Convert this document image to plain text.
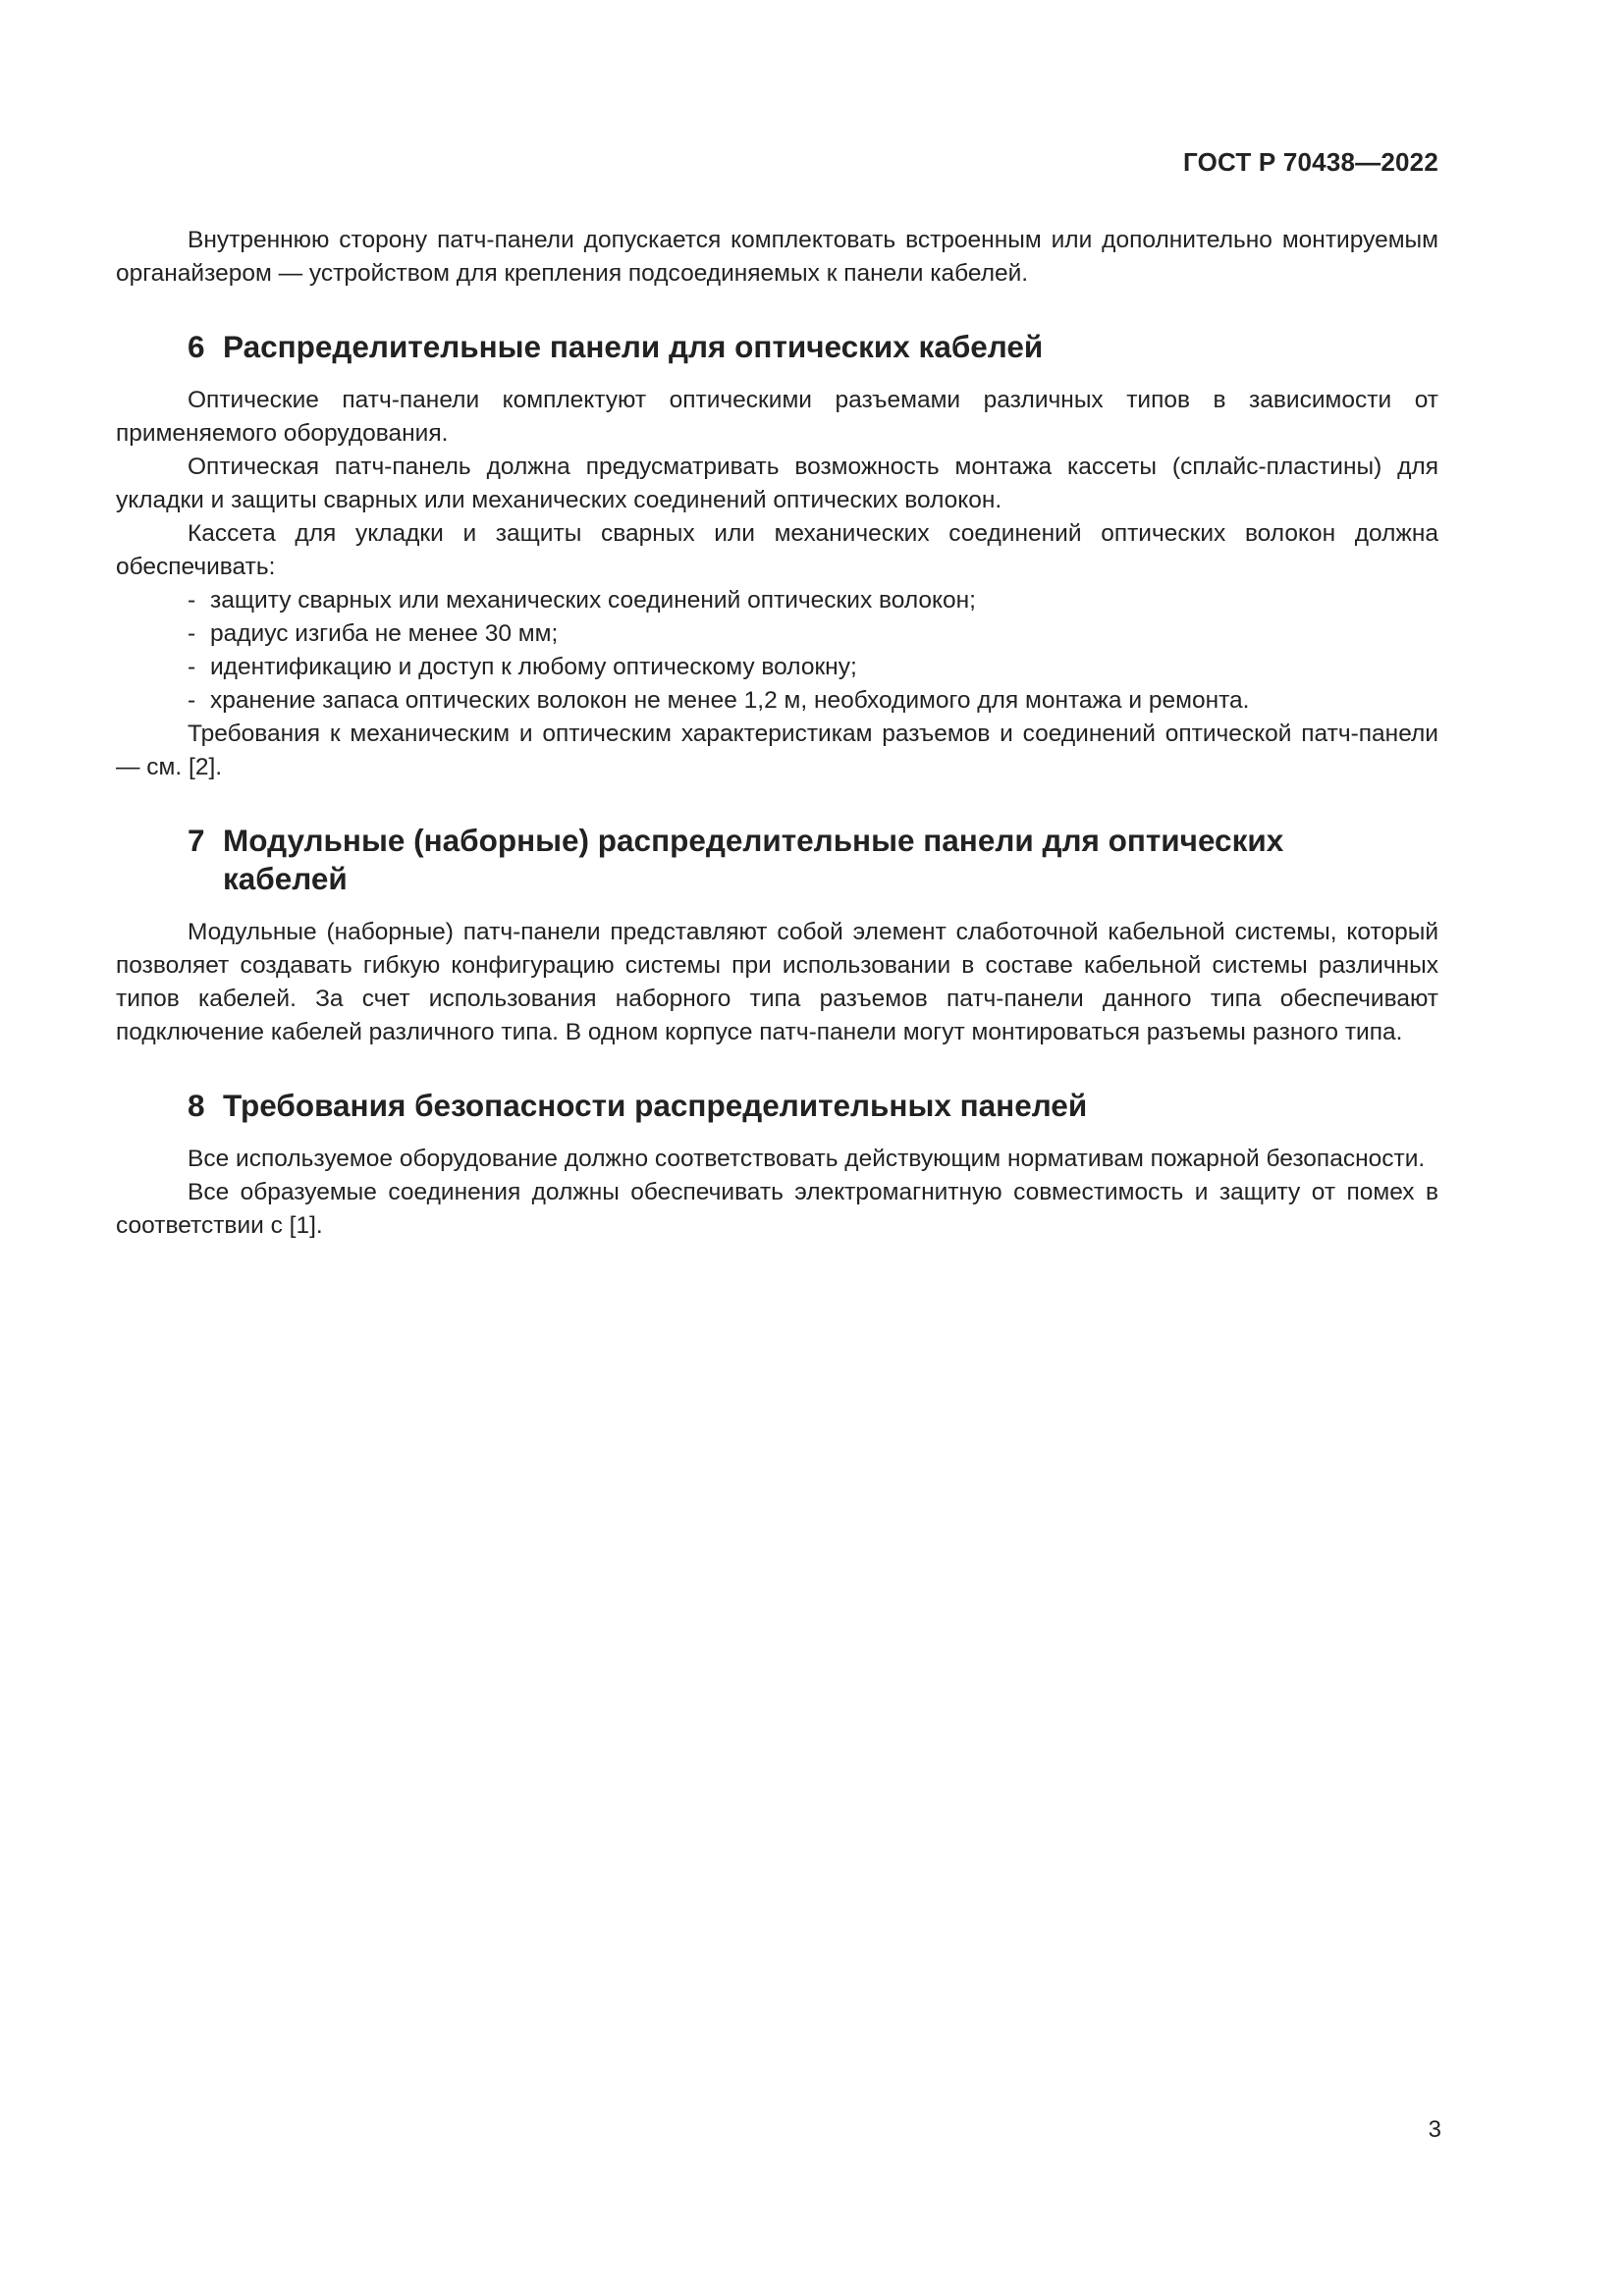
ГОСТ Р 70438—2022

Внутреннюю сторону патч-панели допускается комплектовать встроенным или дополнительно монтируемым органайзером — устройством для крепления подсоединяемых к панели кабелей.

6 Распределительные панели для оптических кабелей

Оптические патч-панели комплектуют оптическими разъемами различных типов в зависимости от применяемого оборудования.

Оптическая патч-панель должна предусматривать возможность монтажа кассеты (сплайс-пластины) для укладки и защиты сварных или механических соединений оптических волокон.

Кассета для укладки и защиты сварных или механических соединений оптических волокон должна обеспечивать:

- защиту сварных или механических соединений оптических волокон;
- радиус изгиба не менее 30 мм;
- идентификацию и доступ к любому оптическому волокну;
- хранение запаса оптических волокон не менее 1,2 м, необходимого для монтажа и ремонта.

Требования к механическим и оптическим характеристикам разъемов и соединений оптической патч-панели — см. [2].

7 Модульные (наборные) распределительные панели для оптических
кабелей

Модульные (наборные) патч-панели представляют собой элемент слаботочной кабельной системы, который позволяет создавать гибкую конфигурацию системы при использовании в составе кабельной системы различных типов кабелей. За счет использования наборного типа разъемов патч-панели данного типа обеспечивают подключение кабелей различного типа. В одном корпусе патч-панели могут монтироваться разъемы разного типа.

8 Требования безопасности распределительных панелей

Все используемое оборудование должно соответствовать действующим нормативам пожарной безопасности.

Все образуемые соединения должны обеспечивать электромагнитную совместимость и защиту от помех в соответствии с [1].

3
